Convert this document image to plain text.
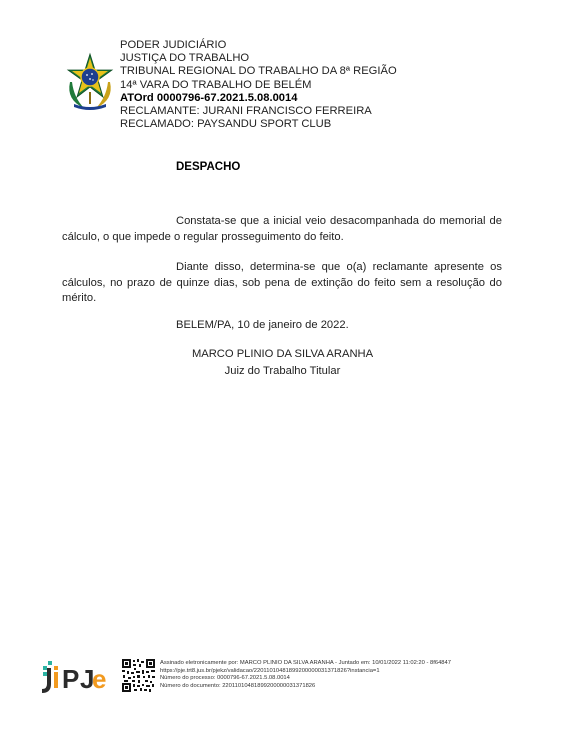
PODER JUDICIÁRIO
JUSTIÇA DO TRABALHO
TRIBUNAL REGIONAL DO TRABALHO DA 8ª REGIÃO
14ª VARA DO TRABALHO DE BELÉM
ATOrd 0000796-67.2021.5.08.0014
RECLAMANTE: JURANI FRANCISCO FERREIRA
RECLAMADO: PAYSANDU SPORT CLUB
DESPACHO
Constata-se que a inicial veio desacompanhada do memorial de cálculo, o que impede o regular prosseguimento do feito.
Diante disso, determina-se que o(a) reclamante apresente os cálculos, no prazo de quinze dias, sob pena de extinção do feito sem a resolução do mérito.
BELEM/PA, 10 de janeiro de 2022.
MARCO PLINIO DA SILVA ARANHA
Juiz do Trabalho Titular
P J
e
Assinado eletronicamente por: MARCO PLINIO DA SILVA ARANHA - Juntado em: 10/01/2022 11:02:20 - 8f64847
https://pje.trt8.jus.br/pjekz/validacao/22011010481899200000031371826?instancia=1
Número do processo: 0000796-67.2021.5.08.0014
Número do documento: 22011010481899200000031371826
